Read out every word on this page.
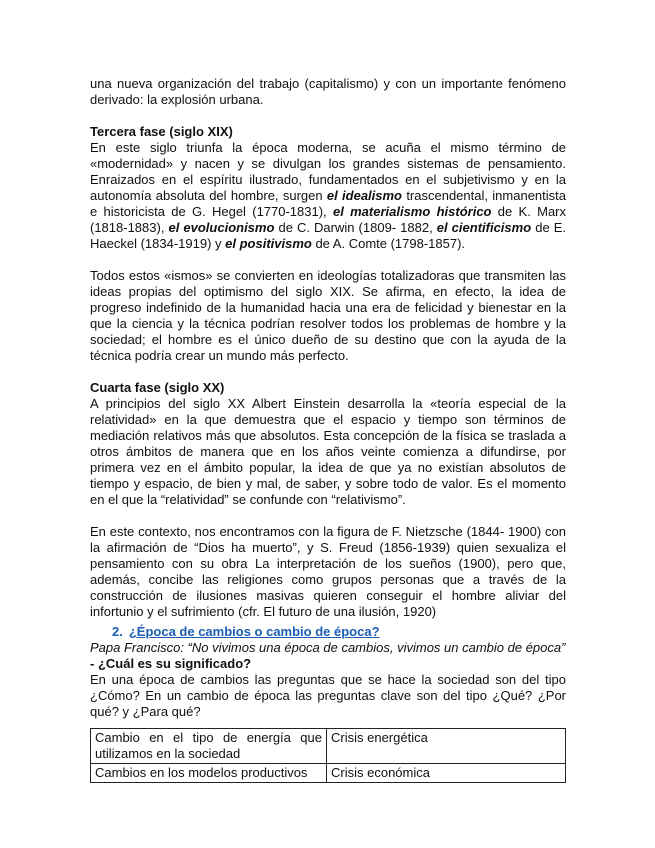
una nueva organización del trabajo (capitalismo) y con un importante fenómeno derivado: la explosión urbana.

Tercera fase (siglo XIX)

En este siglo triunfa la época moderna, se acuña el mismo término de «modernidad» y nacen y se divulgan los grandes sistemas de pensamiento. Enraizados en el espíritu ilustrado, fundamentados en el subjetivismo y en la autonomía absoluta del hombre, surgen el idealismo trascendental, inmanentista e historicista de G. Hegel (1770-1831), el materialismo histórico de K. Marx (1818-1883), el evolucionismo de C. Darwin (1809- 1882, el cientificismo de E. Haeckel (1834-1919) y el positivismo de A. Comte (1798-1857).

Todos estos «ismos» se convierten en ideologías totalizadoras que transmiten las ideas propias del optimismo del siglo XIX. Se afirma, en efecto, la idea de progreso indefinido de la humanidad hacia una era de felicidad y bienestar en la que la ciencia y la técnica podrían resolver todos los problemas de hombre y la sociedad; el hombre es el único dueño de su destino que con la ayuda de la técnica podría crear un mundo más perfecto.

Cuarta fase (siglo XX)

A principios del siglo XX Albert Einstein desarrolla la «teoría especial de la relatividad» en la que demuestra que el espacio y tiempo son términos de mediación relativos más que absolutos. Esta concepción de la física se traslada a otros ámbitos de manera que en los años veinte comienza a difundirse, por primera vez en el ámbito popular, la idea de que ya no existían absolutos de tiempo y espacio, de bien y mal, de saber, y sobre todo de valor. Es el momento en el que la “relatividad” se confunde con “relativismo”.

En este contexto, nos encontramos con la figura de F. Nietzsche (1844- 1900) con la afirmación de “Dios ha muerto”, y S. Freud (1856-1939) quien sexualiza el pensamiento con su obra La interpretación de los sueños (1900), pero que, además, concibe las religiones como grupos personas que a través de la construcción de ilusiones masivas quieren conseguir el hombre aliviar del infortunio y el sufrimiento (cfr. El futuro de una ilusión, 1920)

2. ¿Época de cambios o cambio de época?

Papa Francisco: “No vivimos una época de cambios, vivimos un cambio de época”

- ¿Cuál es su significado?

En una época de cambios las preguntas que se hace la sociedad son del tipo ¿Cómo? En un cambio de época las preguntas clave son del tipo ¿Qué? ¿Por qué? y ¿Para qué?

Cambio en el tipo de energía que utilizamos en la sociedad	Crisis energética
Cambios en los modelos productivos	Crisis económica
